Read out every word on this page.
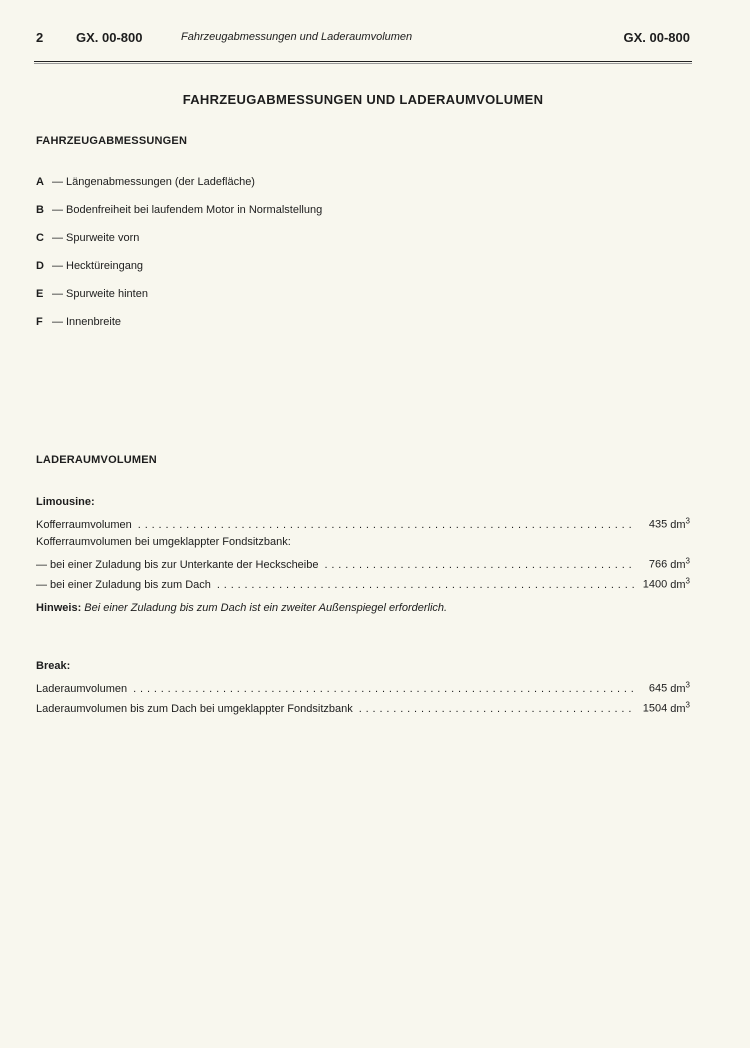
2	GX. 00-800	Fahrzeugabmessungen und Laderaumvolumen	GX. 00-800
FAHRZEUGABMESSUNGEN UND LADERAUMVOLUMEN
FAHRZEUGABMESSUNGEN
A — Längenabmessungen (der Ladefläche)
B — Bodenfreiheit bei laufendem Motor in Normalstellung
C — Spurweite vorn
D — Hecktüreingang
E — Spurweite hinten
F — Innenbreite
LADERAUMVOLUMEN
Limousine:
Kofferraumvolumen . . .	435 $dm^3$
Kofferraumvolumen bei umgeklappter Fondsitzbank:
— bei einer Zuladung bis zur Unterkante der Heckscheibe . . .	766 $dm^3$
— bei einer Zuladung bis zum Dach . . .	1400 $dm^3$
Hinweis: Bei einer Zuladung bis zum Dach ist ein zweiter Außenspiegel erforderlich.
Break:
Laderaumvolumen . . .	645 $dm^3$
Laderaumvolumen bis zum Dach bei umgeklappter Fondsitzbank . . .	1504 $dm^3$
